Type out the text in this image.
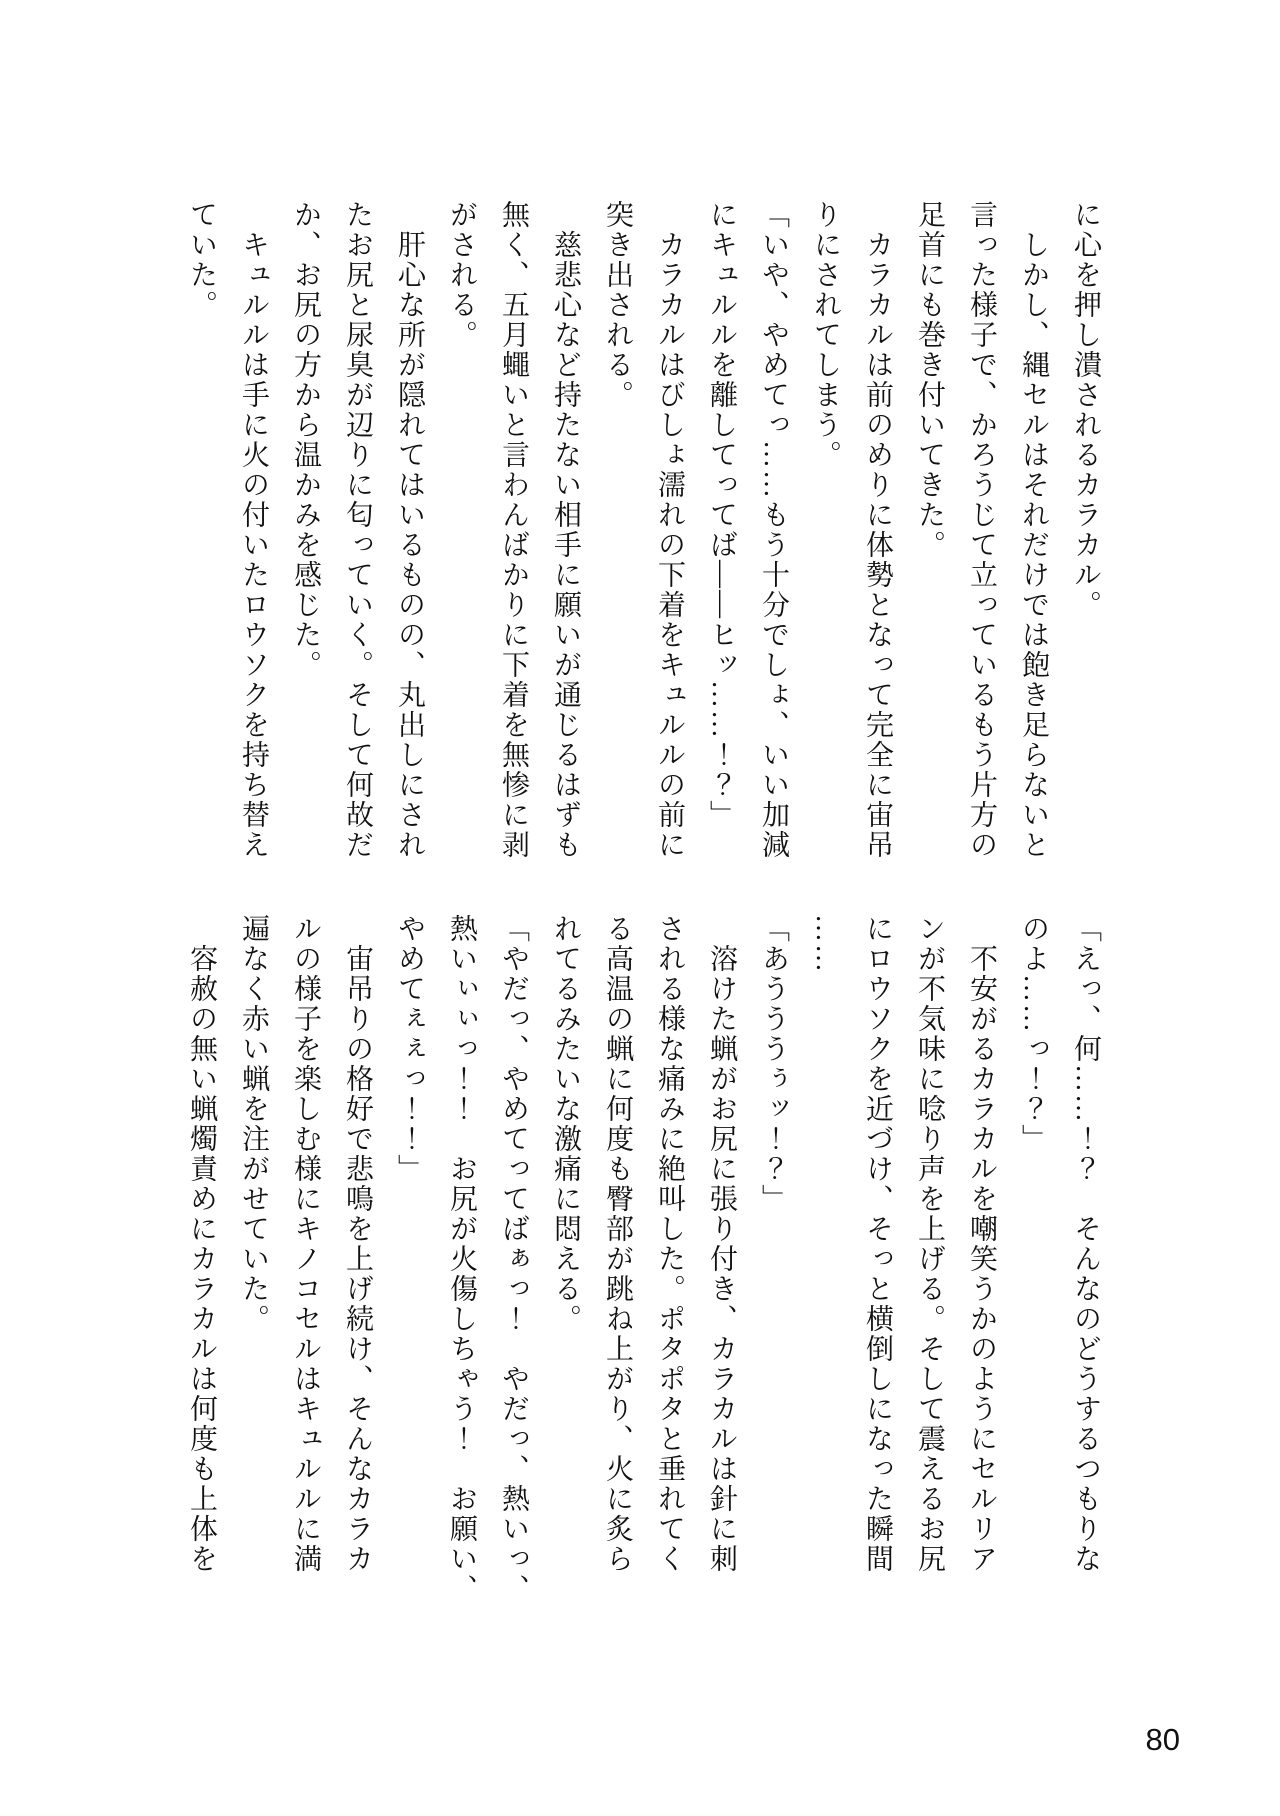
に心を押し潰されるカラカル。

しかし、縄セルはそれだけでは飽き足らないと

言った様子で、かろうじて立っているもう片方の

足首にも巻き付いてきた。

カラカルは前のめりに体勢となって完全に宙吊

りにされてしまう。

「いや、やめてっ……もう十分でしょ、いい加減

にキュルルを離してってば――ヒッ……！？」

カラカルはびしょ濡れの下着をキュルルの前に

突き出される。

慈悲心など持たない相手に願いが通じるはずも

無く、五月蠅いと言わんばかりに下着を無惨に剥

がされる。

肝心な所が隠れてはいるものの、丸出しにされ

たお尻と尿臭が辺りに匂っていく。そして何故だ

か、お尻の方から温かみを感じた。

キュルルは手に火の付いたロウソクを持ち替え

ていた。

「えっ、何……！？　そんなのどうするつもりな

のよ……っ！？」

不安がるカラカルを嘲笑うかのようにセルリア

ンが不気味に唸り声を上げる。そして震えるお尻

にロウソクを近づけ、そっと横倒しになった瞬間

……

「あうううぅッ！？」

溶けた蝋がお尻に張り付き、カラカルは針に刺

される様な痛みに絶叫した。ポタポタと垂れてく

る高温の蝋に何度も臀部が跳ね上がり、火に炙ら

れてるみたいな激痛に悶える。

「やだっ、やめてってばぁっ！　やだっ、熱いっ、

熱いぃぃっ！！　お尻が火傷しちゃう！　お願い、

やめてぇぇっ！！」

宙吊りの格好で悲鳴を上げ続け、そんなカラカ

ルの様子を楽しむ様にキノコセルはキュルルに満

遍なく赤い蝋を注がせていた。

容赦の無い蝋燭責めにカラカルは何度も上体を

80
